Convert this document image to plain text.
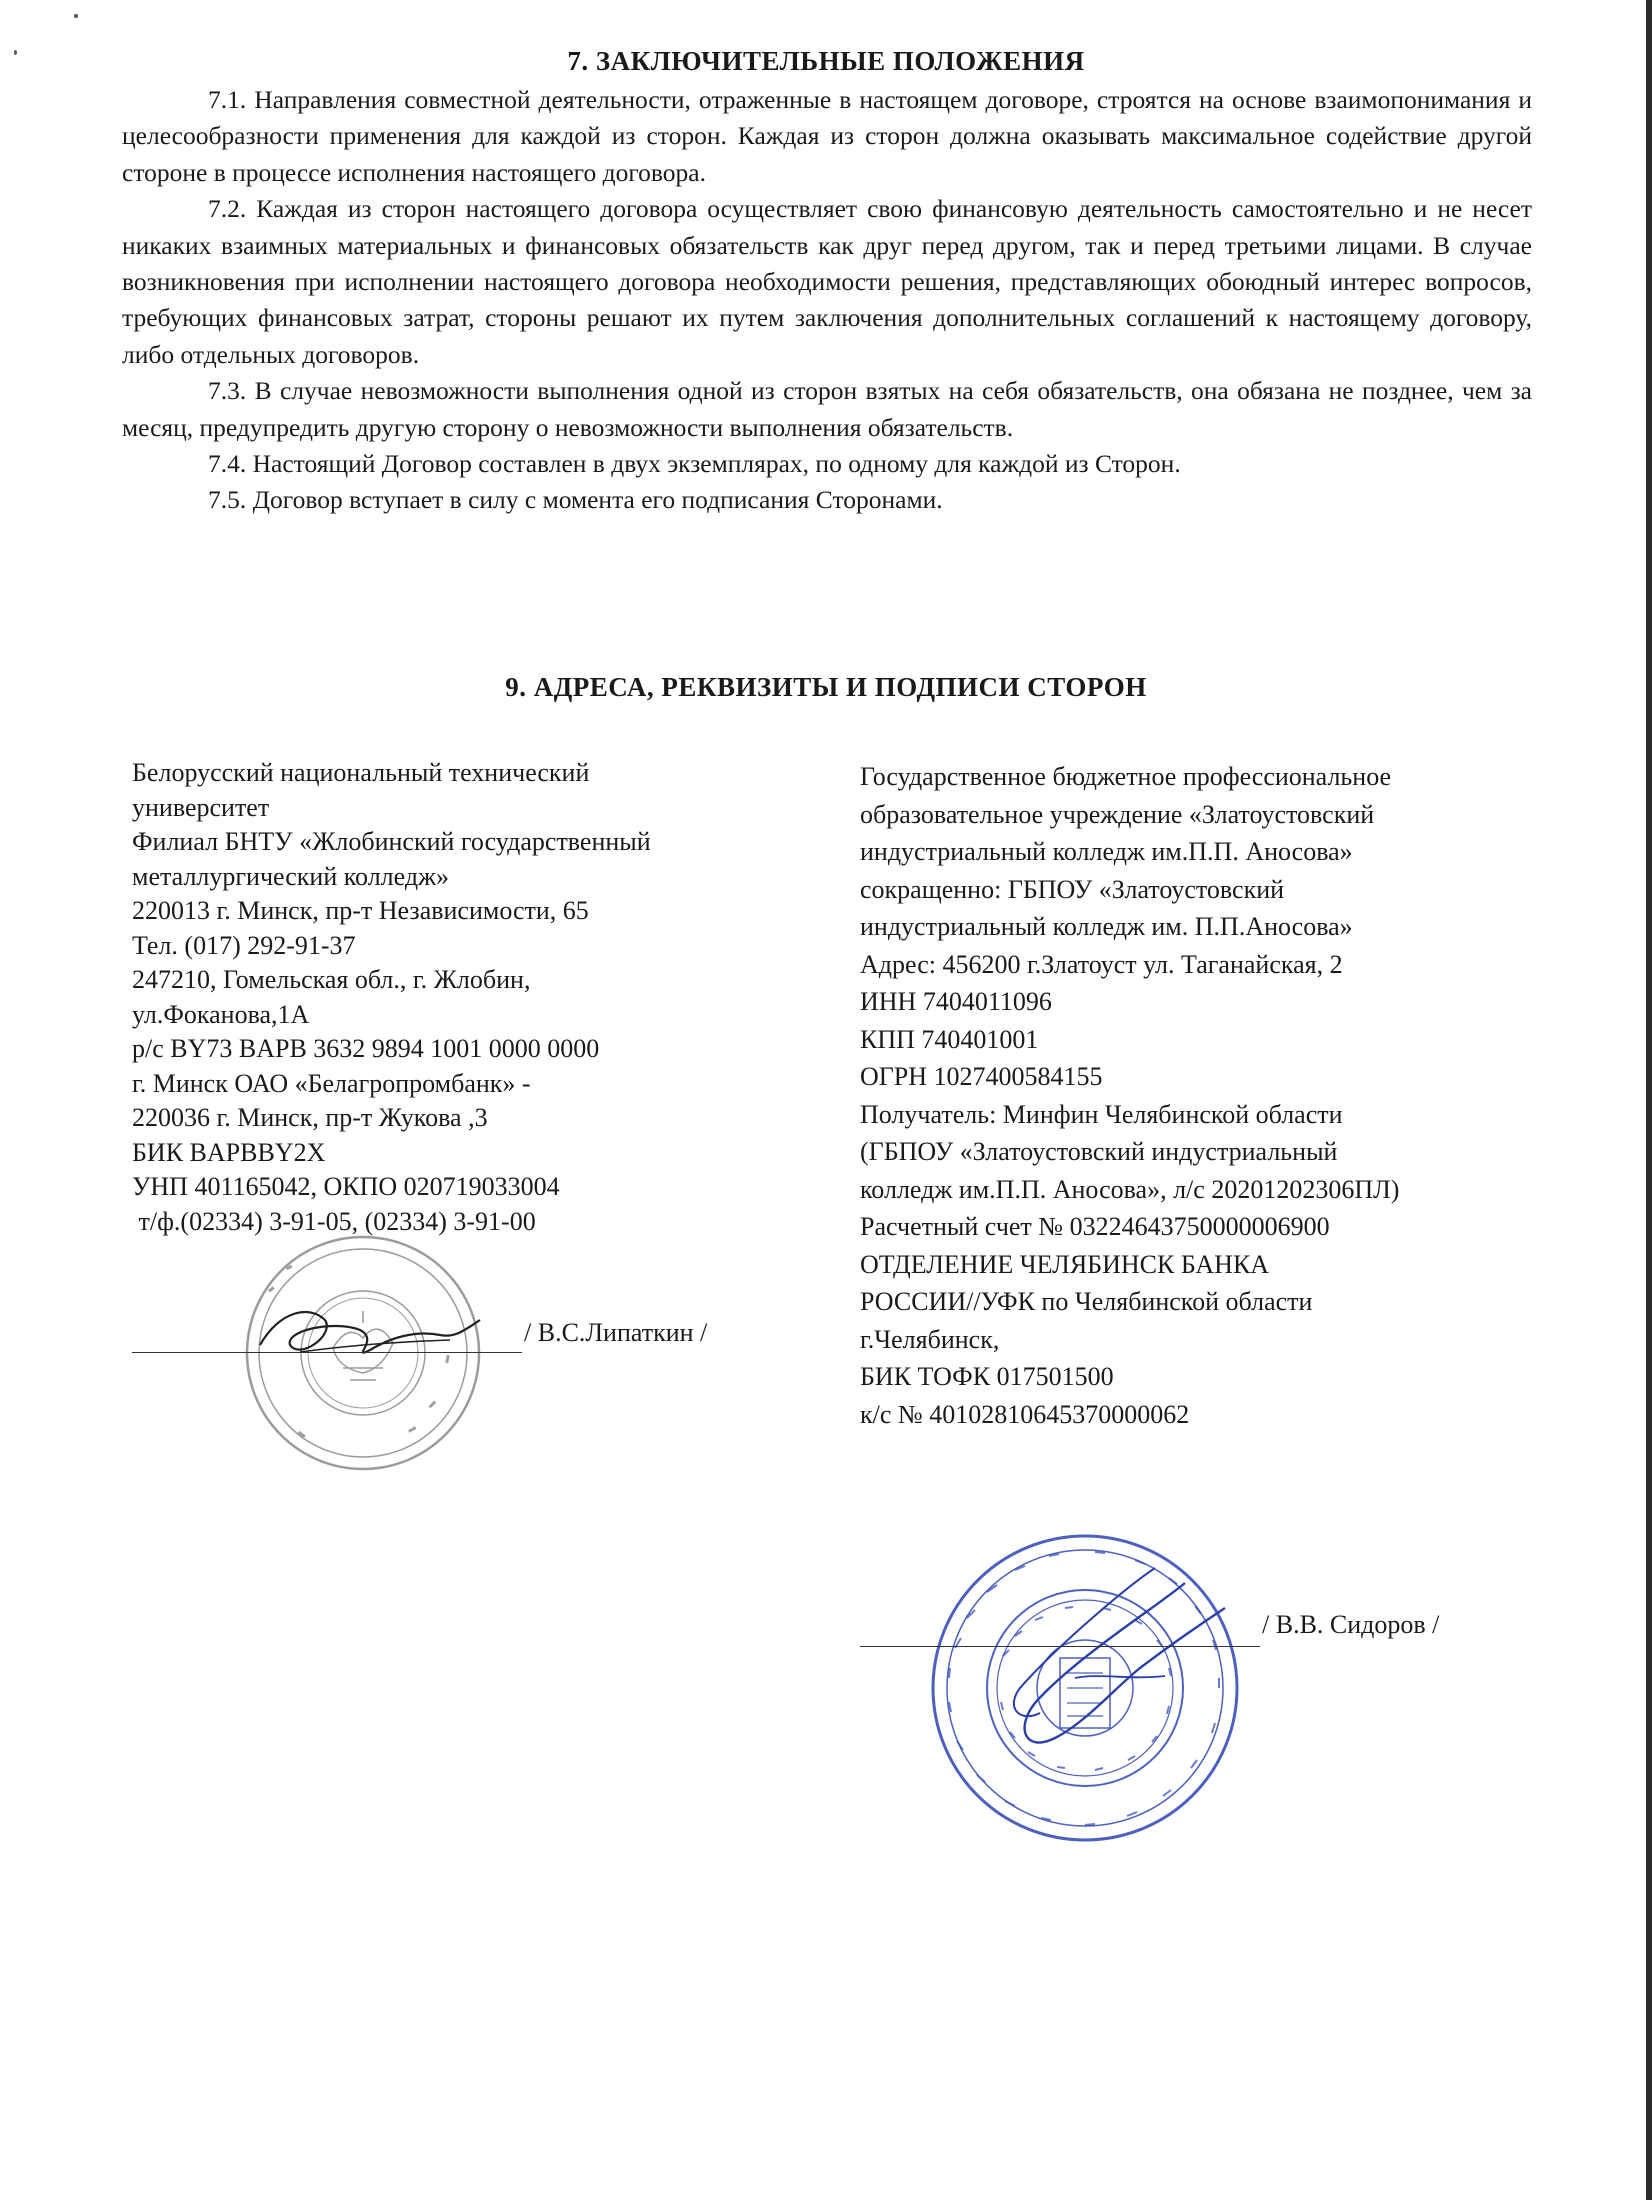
7. ЗАКЛЮЧИТЕЛЬНЫЕ ПОЛОЖЕНИЯ

7.1. Направления совместной деятельности, отраженные в настоящем договоре, строятся на основе взаимопонимания и целесообразности применения для каждой из сторон. Каждая из сторон должна оказывать максимальное содействие другой стороне в процессе исполнения настоящего договора.

7.2. Каждая из сторон настоящего договора осуществляет свою финансовую деятельность самостоятельно и не несет никаких взаимных материальных и финансовых обязательств как друг перед другом, так и перед третьими лицами. В случае возникновения при исполнении настоящего договора необходимости решения, представляющих обоюдный интерес вопросов, требующих финансовых затрат, стороны решают их путем заключения дополнительных соглашений к настоящему договору, либо отдельных договоров.

7.3. В случае невозможности выполнения одной из сторон взятых на себя обязательств, она обязана не позднее, чем за месяц, предупредить другую сторону о невозможности выполнения обязательств.

7.4. Настоящий Договор составлен в двух экземплярах, по одному для каждой из Сторон.

7.5. Договор вступает в силу с момента его подписания Сторонами.

9. АДРЕСА, РЕКВИЗИТЫ И ПОДПИСИ СТОРОН
Белорусский национальный технический
университет
Филиал БНТУ «Жлобинский государственный
металлургический колледж»
220013 г. Минск, пр-т Независимости, 65
Тел. (017) 292-91-37
247210, Гомельская обл., г. Жлобин,
ул.Фоканова,1А
р/с BY73 BAPB 3632 9894 1001 0000 0000
г. Минск ОАО «Белагропромбанк» -
220036 г. Минск, пр-т Жукова ,3
БИК BAPBBY2X
УНП 401165042, ОКПО 020719033004
т/ф.(02334) 3-91-05, (02334) 3-91-00
/ В.С.Липаткин /
Государственное бюджетное профессиональное
образовательное учреждение «Златоустовский
индустриальный колледж им.П.П. Аносова»
сокращенно: ГБПОУ «Златоустовский
индустриальный колледж им. П.П.Аносова»
Адрес: 456200 г.Златоуст ул. Таганайская, 2
ИНН 7404011096
КПП 740401001
ОГРН 1027400584155
Получатель: Минфин Челябинской области
(ГБПОУ «Златоустовский индустриальный
колледж им.П.П. Аносова», л/с 20201202306ПЛ)
Расчетный счет № 03224643750000006900
ОТДЕЛЕНИЕ ЧЕЛЯБИНСК БАНКА
РОССИИ//УФК по Челябинской области
г.Челябинск,
БИК ТОФК 017501500
к/с № 40102810645370000062
/ В.В. Сидоров /
